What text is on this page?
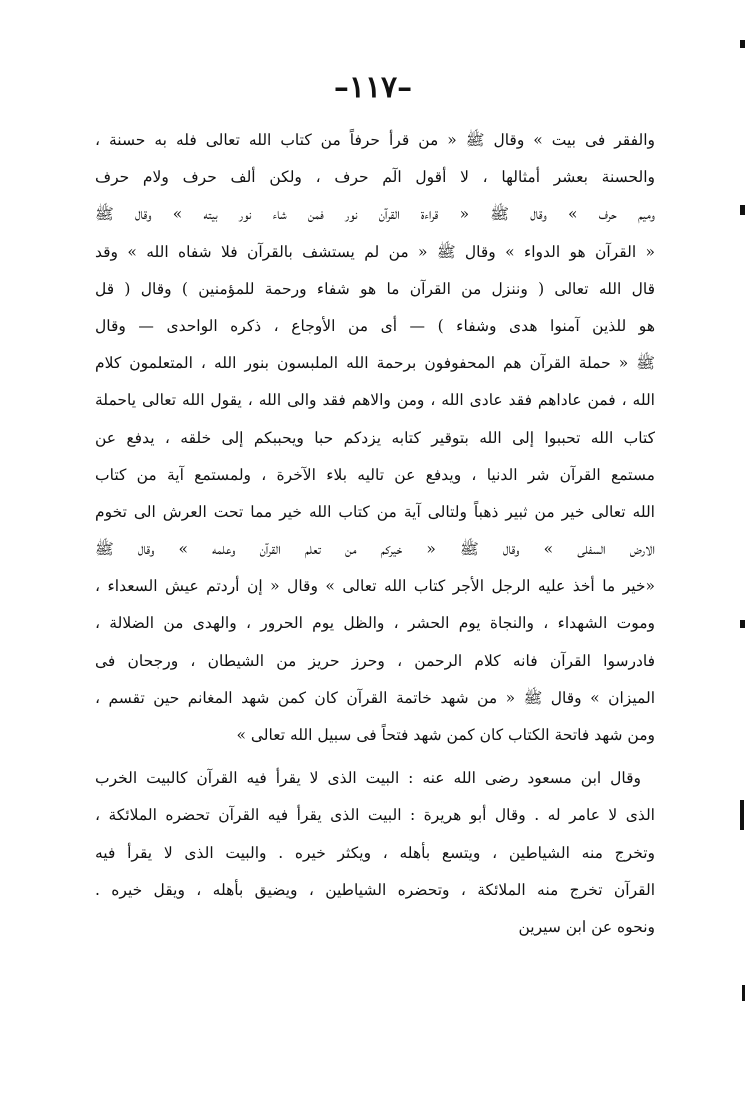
–١١٧–
والفقر فى بيت » وقال ﷺ « من قرأ حرفاً من كتاب الله تعالى فله به حسنة ،
والحسنة بعشر أمثالها ، لا أقول الٓم حرف ، ولكن ألف حرف ولام حرف
وميم حرف » وقال ﷺ « قراءة القرآن نور فمن شاء نور بيته » وقال ﷺ
« القرآن هو الدواء » وقال ﷺ « من لم يستشف بالقرآن فلا شفاه الله » وقد
قال الله تعالى ( وننزل من القرآن ما هو شفاء ورحمة للمؤمنين ) وقال ( قل
هو للذين آمنوا هدى وشفاء ) — أى من الأوجاع ، ذكره الواحدى — وقال
ﷺ « حملة القرآن هم المحفوفون برحمة الله الملبسون بنور الله ، المتعلمون كلام
الله ، فمن عاداهم فقد عادى الله ، ومن والاهم فقد والى الله ، يقول الله تعالى ياحملة
كتاب الله تحببوا إلى الله بتوقير كتابه يزدكم حبا ويحببكم إلى خلقه ، يدفع عن
مستمع القرآن شر الدنيا ، ويدفع عن تاليه بلاء الآخرة ، ولمستمع آية من كتاب
الله تعالى خير من ثبير ذهباً ولتالى آية من كتاب الله خير مما تحت العرش الى تخوم
الارض السفلى » وقال ﷺ « خيركم من تعلم القرآن وعلمه » وقال ﷺ
«خير ما أخذ عليه الرجل الأجر كتاب الله تعالى » وقال « إن أردتم عيش السعداء ،
وموت الشهداء ، والنجاة يوم الحشر ، والظل يوم الحرور ، والهدى من الضلالة ،
فادرسوا القرآن فانه كلام الرحمن ، وحرز حريز من الشيطان ، ورجحان فى
الميزان » وقال ﷺ « من شهد خاتمة القرآن كان كمن شهد المغانم حين تقسم ،
ومن شهد فاتحة الكتاب كان كمن شهد فتحاً فى سبيل الله تعالى »
وقال ابن مسعود رضى الله عنه : البيت الذى لا يقرأ فيه القرآن كالبيت الخرب
الذى لا عامر له . وقال أبو هريرة : البيت الذى يقرأ فيه القرآن تحضره الملائكة ،
وتخرج منه الشياطين ، ويتسع بأهله ، ويكثر خيره . والبيت الذى لا يقرأ فيه
القرآن تخرج منه الملائكة ، وتحضره الشياطين ، ويضيق بأهله ، ويقل خيره .
ونحوه عن ابن سيرين
